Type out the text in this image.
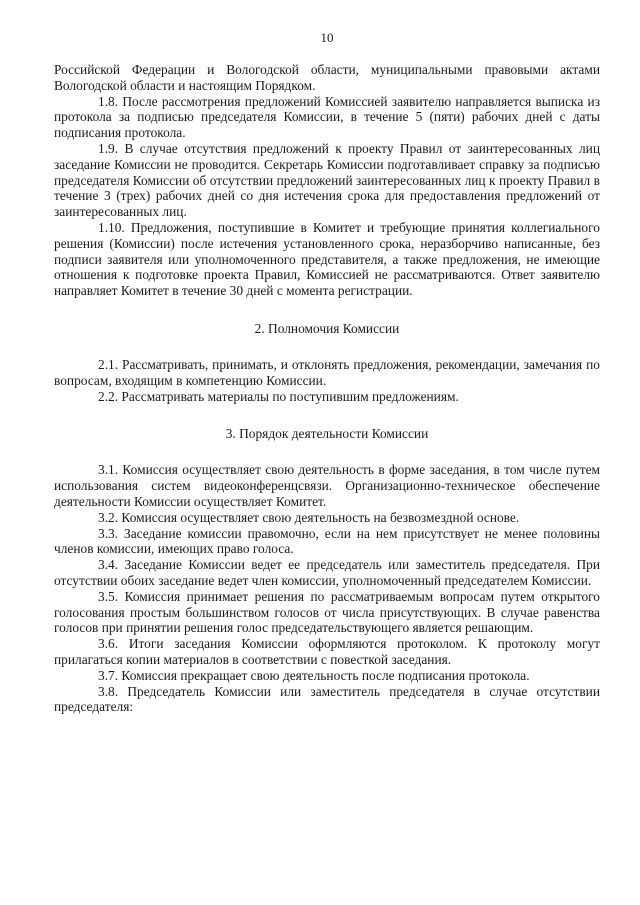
10

Российской Федерации и Вологодской области, муниципальными правовыми актами Вологодской области и настоящим Порядком.

1.8. После рассмотрения предложений Комиссией заявителю направляется выписка из протокола за подписью председателя Комиссии, в течение 5 (пяти) рабочих дней с даты подписания протокола.

1.9. В случае отсутствия предложений к проекту Правил от заинтересованных лиц заседание Комиссии не проводится. Секретарь Комиссии подготавливает справку за подписью председателя Комиссии об отсутствии предложений заинтересованных лиц к проекту Правил в течение 3 (трех) рабочих дней со дня истечения срока для предоставления предложений от заинтересованных лиц.

1.10. Предложения, поступившие в Комитет и требующие принятия коллегиального решения (Комиссии) после истечения установленного срока, неразборчиво написанные, без подписи заявителя или уполномоченного представителя, а также предложения, не имеющие отношения к подготовке проекта Правил, Комиссией не рассматриваются. Ответ заявителю направляет Комитет в течение 30 дней с момента регистрации.

2. Полномочия Комиссии

2.1. Рассматривать, принимать, и отклонять предложения, рекомендации, замечания по вопросам, входящим в компетенцию Комиссии.

2.2. Рассматривать материалы по поступившим предложениям.

3. Порядок деятельности Комиссии

3.1. Комиссия осуществляет свою деятельность в форме заседания, в том числе путем использования систем видеоконференцсвязи. Организационно-техническое обеспечение деятельности Комиссии осуществляет Комитет.

3.2. Комиссия осуществляет свою деятельность на безвозмездной основе.

3.3. Заседание комиссии правомочно, если на нем присутствует не менее половины членов комиссии, имеющих право голоса.

3.4. Заседание Комиссии ведет ее председатель или заместитель председателя. При отсутствии обоих заседание ведет член комиссии, уполномоченный председателем Комиссии.

3.5. Комиссия принимает решения по рассматриваемым вопросам путем открытого голосования простым большинством голосов от числа присутствующих. В случае равенства голосов при принятии решения голос председательствующего является решающим.

3.6. Итоги заседания Комиссии оформляются протоколом. К протоколу могут прилагаться копии материалов в соответствии с повесткой заседания.

3.7. Комиссия прекращает свою деятельность после подписания протокола.

3.8. Председатель Комиссии или заместитель председателя в случае отсутствии председателя:
